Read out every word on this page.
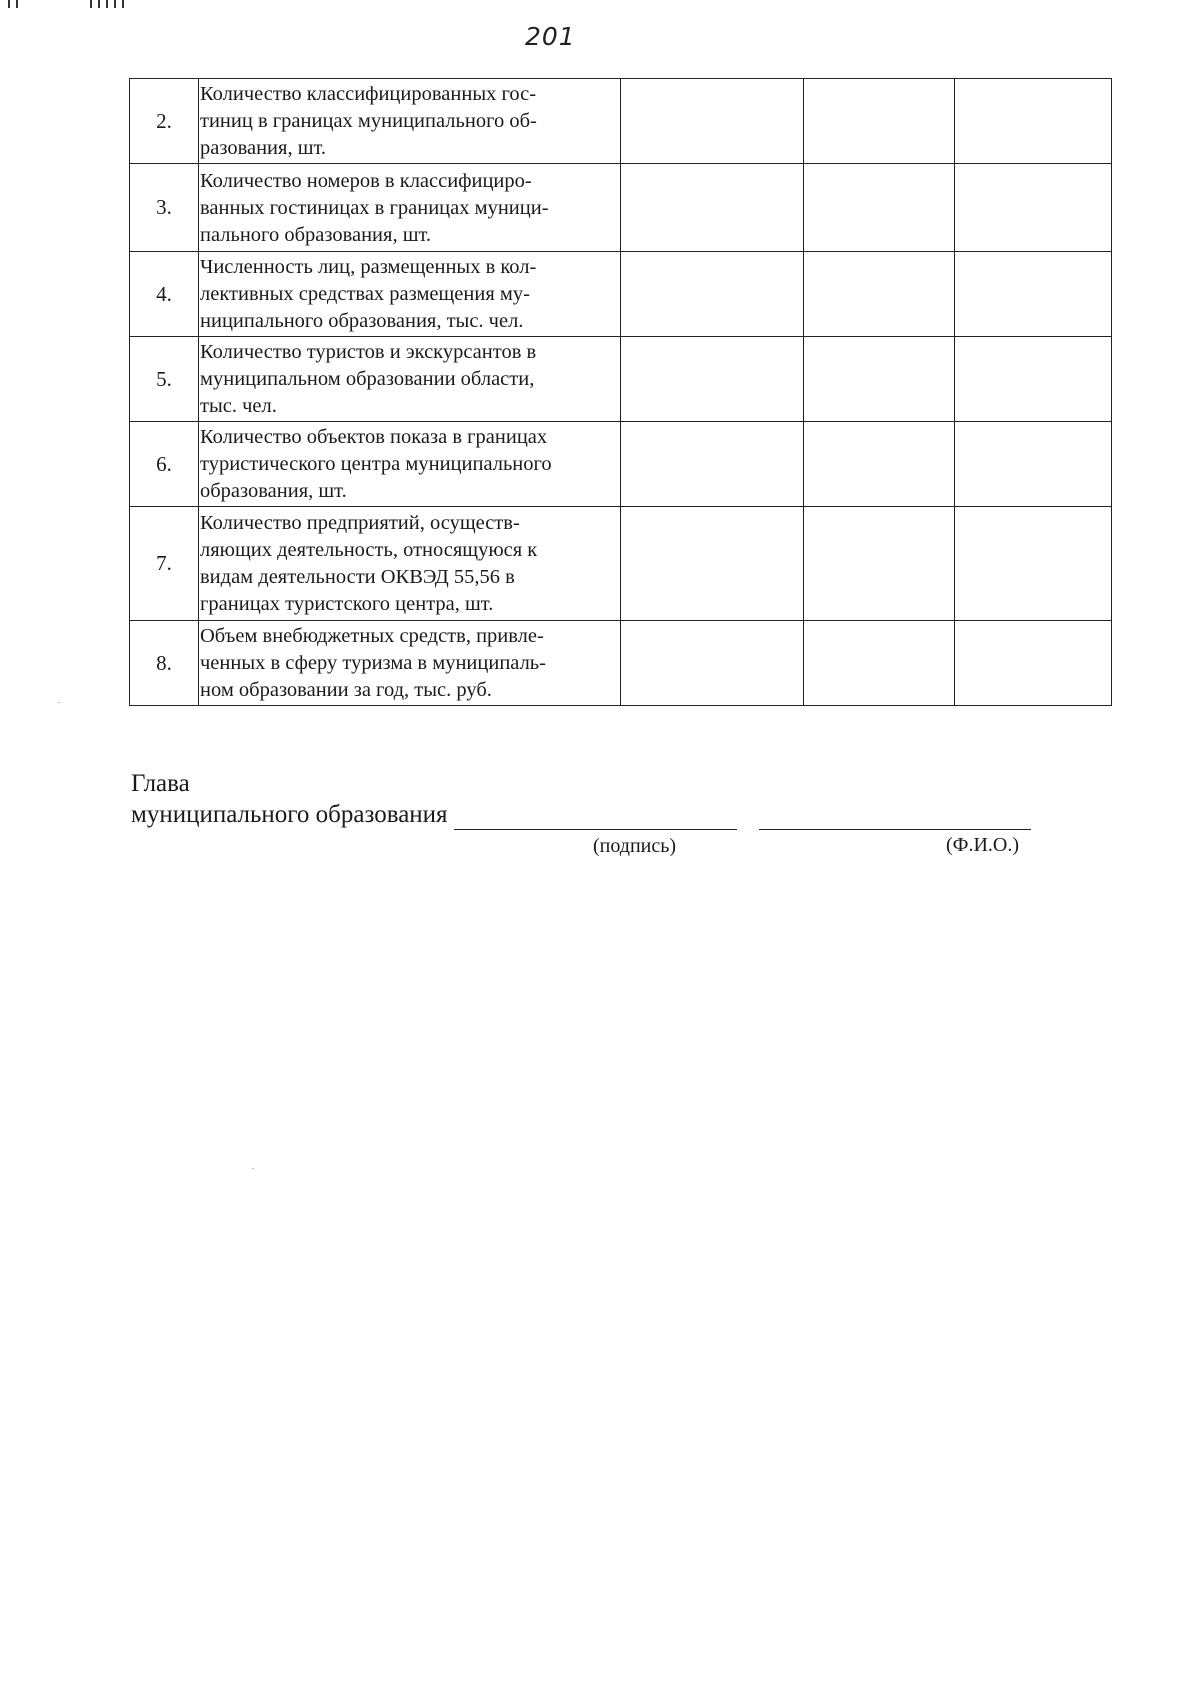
201
2.	Количество классифицированных гос-
тиниц в границах муниципального об-
разования, шт.			
3.	Количество номеров в классифициро-
ванных гостиницах в границах муници-
пального образования, шт.			
4.	Численность лиц, размещенных в кол-
лективных средствах размещения му-
ниципального образования, тыс. чел.			
5.	Количество туристов и экскурсантов в
муниципальном образовании области,
тыс. чел.			
6.	Количество объектов показа в границах
туристического центра муниципального
образования, шт.			
7.	Количество предприятий, осуществ-
ляющих деятельность, относящуюся к
видам деятельности ОКВЭД 55,56 в
границах туристского центра, шт.			
8.	Объем внебюджетных средств, привле-
ченных в сферу туризма в муниципаль-
ном образовании за год, тыс. руб.			
Глава
муниципального образования
(подпись)	(Ф.И.О.)
